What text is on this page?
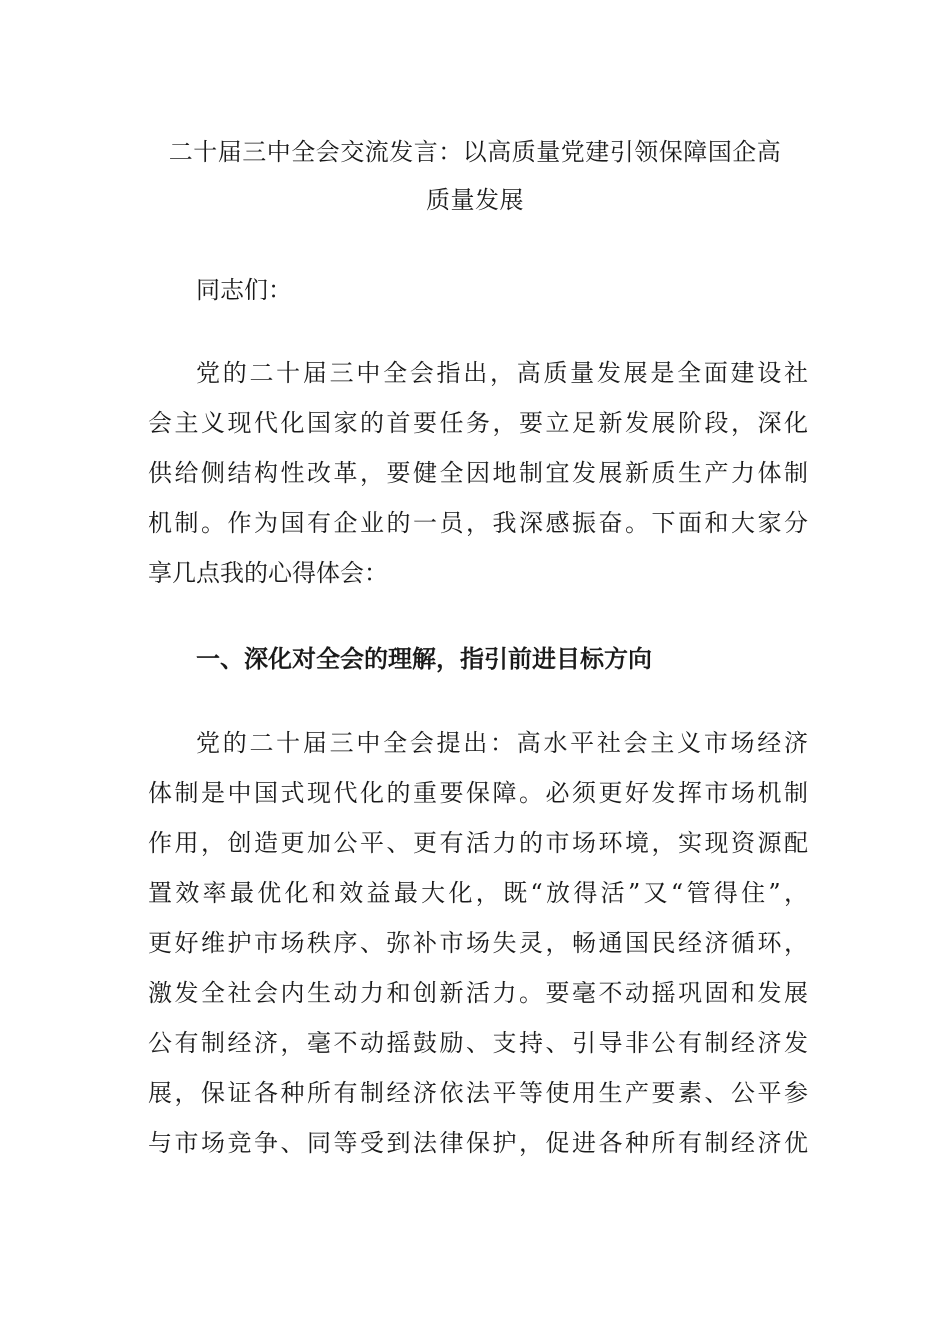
二十届三中全会交流发言：以高质量党建引领保障国企高
质量发展
同志们：
党的二十届三中全会指出，高质量发展是全面建设社
会主义现代化国家的首要任务，要立足新发展阶段，深化
供给侧结构性改革，要健全因地制宜发展新质生产力体制
机制。作为国有企业的一员，我深感振奋。下面和大家分
享几点我的心得体会：
一、深化对全会的理解，指引前进目标方向
党的二十届三中全会提出：高水平社会主义市场经济
体制是中国式现代化的重要保障。必须更好发挥市场机制
作用，创造更加公平、更有活力的市场环境，实现资源配
置效率最优化和效益最大化，既“放得活”又“管得住”，
更好维护市场秩序、弥补市场失灵，畅通国民经济循环，
激发全社会内生动力和创新活力。要毫不动摇巩固和发展
公有制经济，毫不动摇鼓励、支持、引导非公有制经济发
展，保证各种所有制经济依法平等使用生产要素、公平参
与市场竞争、同等受到法律保护，促进各种所有制经济优
